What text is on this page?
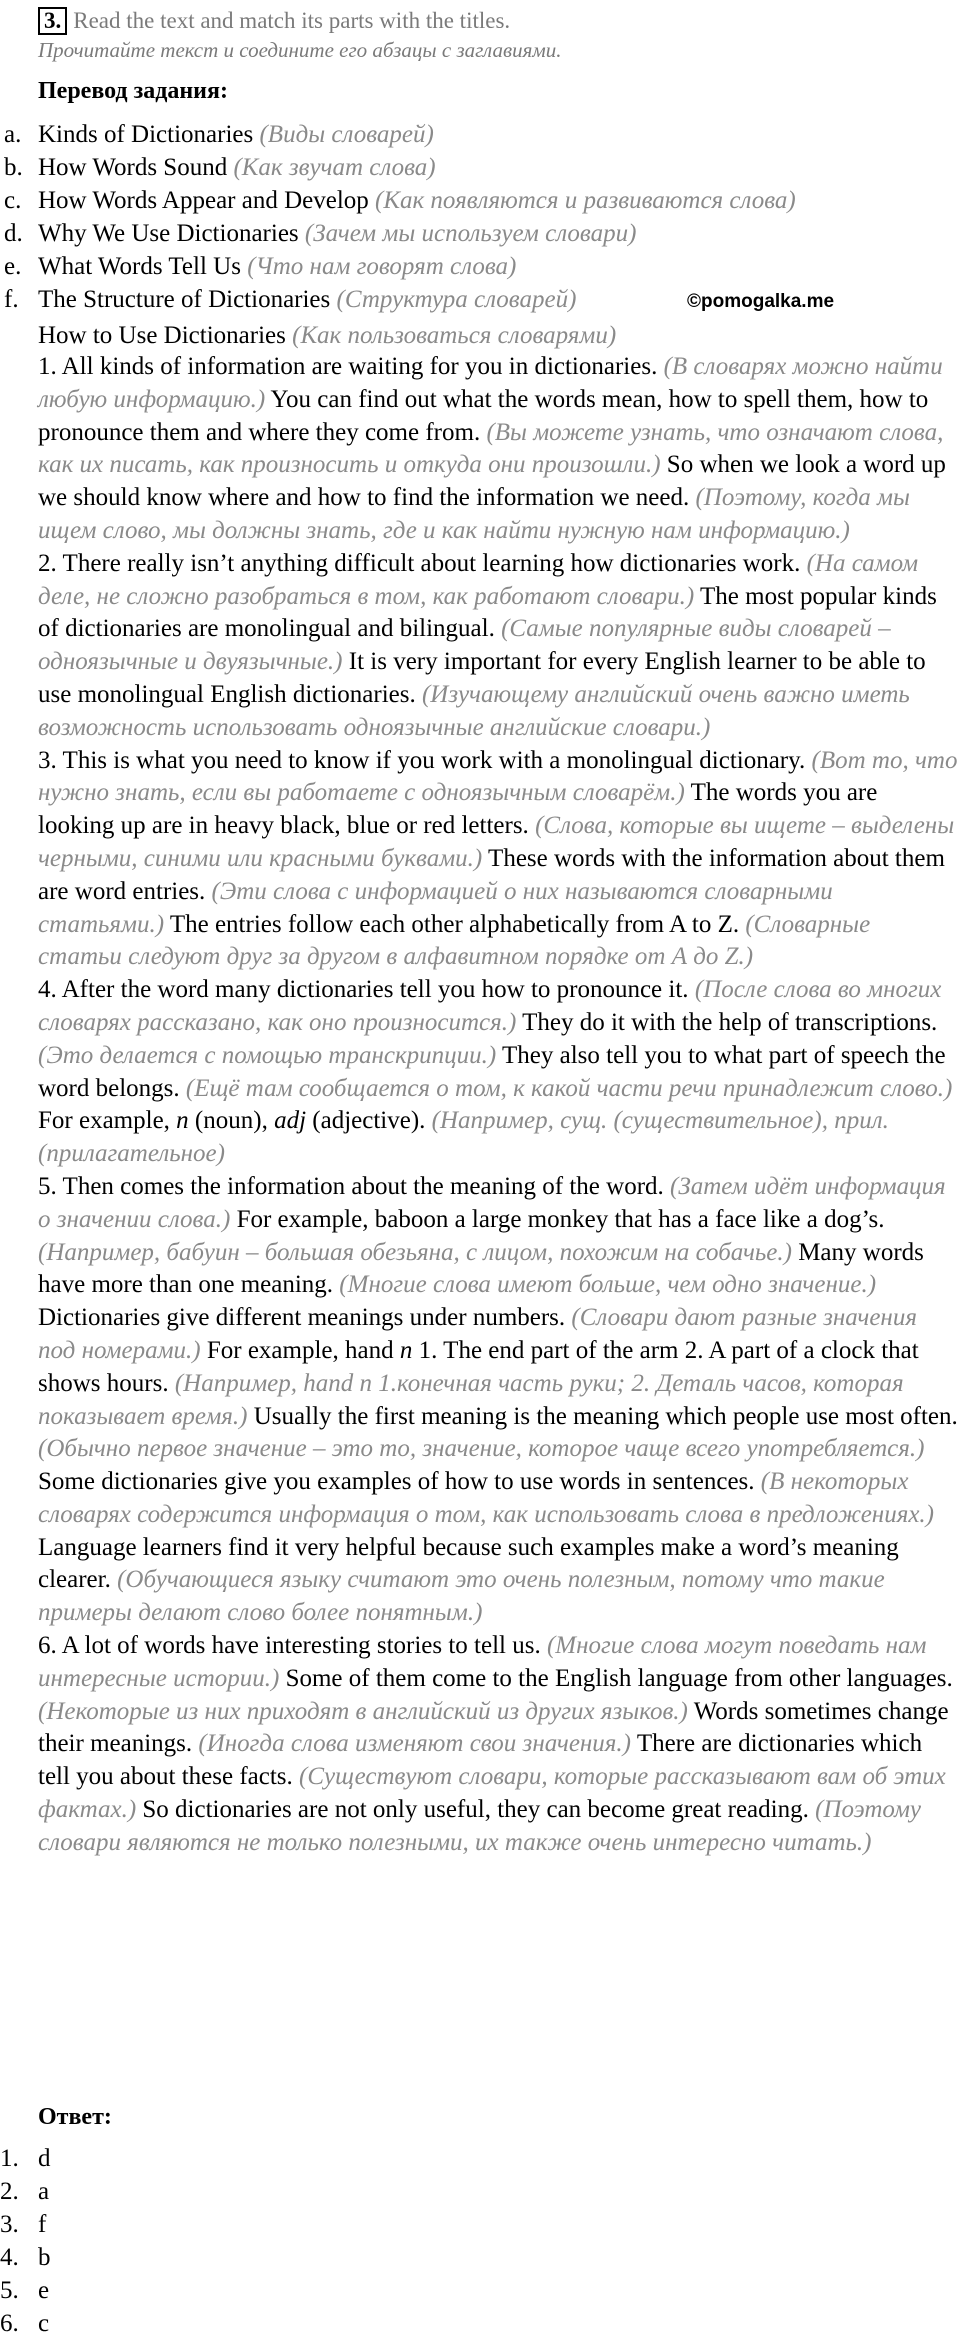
3. Read the text and match its parts with the titles.
Прочитайте текст и соедините его абзацы с заглавиями.
Перевод задания:
a. Kinds of Dictionaries (Виды словарей)
b. How Words Sound (Как звучат слова)
c. How Words Appear and Develop (Как появляются и развиваются слова)
d. Why We Use Dictionaries (Зачем мы используем словари)
e. What Words Tell Us (Что нам говорят слова)
f. The Structure of Dictionaries (Структура словарей)	©pomogalka.me
How to Use Dictionaries (Как пользоваться словарями)

1. All kinds of information are waiting for you in dictionaries. (В словарях можно найти любую информацию.) You can find out what the words mean, how to spell them, how to pronounce them and where they come from. (Вы можете узнать, что означают слова, как их писать, как произносить и откуда они произошли.) So when we look a word up we should know where and how to find the information we need. (Поэтому, когда мы ищем слово, мы должны знать, где и как найти нужную нам информацию.)

2. There really isn’t anything difficult about learning how dictionaries work. (На самом деле, не сложно разобраться в том, как работают словари.) The most popular kinds of dictionaries are monolingual and bilingual. (Самые популярные виды словарей – одноязычные и двуязычные.) It is very important for every English learner to be able to use monolingual English dictionaries. (Изучающему английский очень важно иметь возможность использовать одноязычные английские словари.)

3. This is what you need to know if you work with a monolingual dictionary. (Вот то, что нужно знать, если вы работаете с одноязычным словарём.) The words you are looking up are in heavy black, blue or red letters. (Слова, которые вы ищете – выделены черными, синими или красными буквами.) These words with the information about them are word entries. (Эти слова с информацией о них называются словарными статьями.) The entries follow each other alphabetically from A to Z. (Словарные статьи следуют друг за другом в алфавитном порядке от А до Z.)

4. After the word many dictionaries tell you how to pronounce it. (После слова во многих словарях рассказано, как оно произносится.) They do it with the help of transcriptions. (Это делается с помощью транскрипции.) They also tell you to what part of speech the word belongs. (Ещё там сообщается о том, к какой части речи принадлежит слово.) For example, n (noun), adj (adjective). (Например, сущ. (существительное), прил. (прилагательное)

5. Then comes the information about the meaning of the word. (Затем идёт информация о значении слова.) For example, baboon a large monkey that has a face like a dog’s. (Например, бабуин – большая обезьяна, с лицом, похожим на собачье.) Many words have more than one meaning. (Многие слова имеют больше, чем одно значение.) Dictionaries give different meanings under numbers. (Словари дают разные значения под номерами.) For example, hand n 1. The end part of the arm 2. A part of a clock that shows hours. (Например, hand n 1.конечная часть руки; 2. Деталь часов, которая показывает время.) Usually the first meaning is the meaning which people use most often. (Обычно первое значение – это то, значение, которое чаще всего употребляется.) Some dictionaries give you examples of how to use words in sentences. (В некоторых словарях содержится информация о том, как использовать слова в предложениях.) Language learners find it very helpful because such examples make a word’s meaning clearer. (Обучающиеся языку считают это очень полезным, потому что такие примеры делают слово более понятным.)

6. A lot of words have interesting stories to tell us. (Многие слова могут поведать нам интересные истории.) Some of them come to the English language from other languages. (Некоторые из них приходят в английский из других языков.) Words sometimes change their meanings. (Иногда слова изменяют свои значения.) There are dictionaries which tell you about these facts. (Существуют словари, которые рассказывают вам об этих фактах.) So dictionaries are not only useful, they can become great reading. (Поэтому словари являются не только полезными, их также очень интересно читать.)

Ответ:
1. d
2. a
3. f
4. b
5. e
6. c
